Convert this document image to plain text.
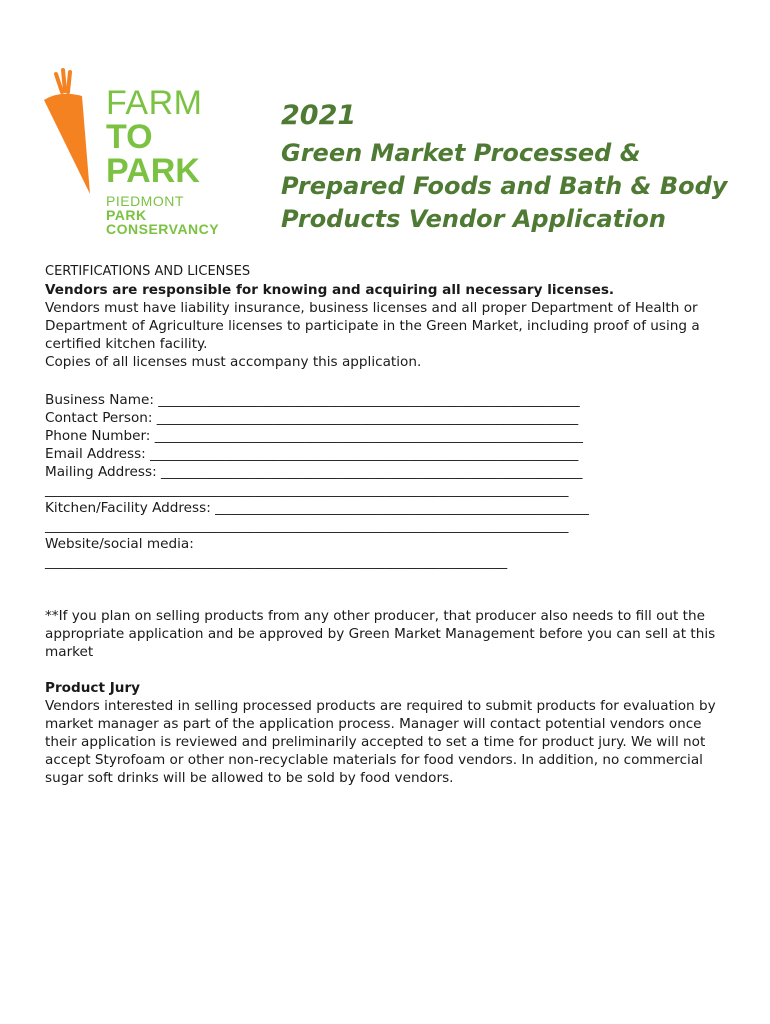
FARM
TO
PARK
PIEDMONT
PARK
CONSERVANCY
2021
Green Market Processed &
Prepared Foods and Bath & Body
Products Vendor Application

CERTIFICATIONS AND LICENSES

Vendors are responsible for knowing and acquiring all necessary licenses.

Vendors must have liability insurance, business licenses and all proper Department of Health or Department of Agriculture licenses to participate in the Green Market, including proof of using a certified kitchen facility.

Copies of all licenses must accompany this application.

Business Name: ______________________________________________________________

Contact Person: ______________________________________________________________

Phone Number: _______________________________________________________________

Email Address: _______________________________________________________________

Mailing Address: ______________________________________________________________

_____________________________________________________________________________

Kitchen/Facility Address: _______________________________________________________

_____________________________________________________________________________

Website/social media:

____________________________________________________________________

**If you plan on selling products from any other producer, that producer also needs to fill out the appropriate application and be approved by Green Market Management before you can sell at this market

Product Jury

Vendors interested in selling processed products are required to submit products for evaluation by market manager as part of the application process. Manager will contact potential vendors once their application is reviewed and preliminarily accepted to set a time for product jury. We will not accept Styrofoam or other non-recyclable materials for food vendors. In addition, no commercial sugar soft drinks will be allowed to be sold by food vendors.
